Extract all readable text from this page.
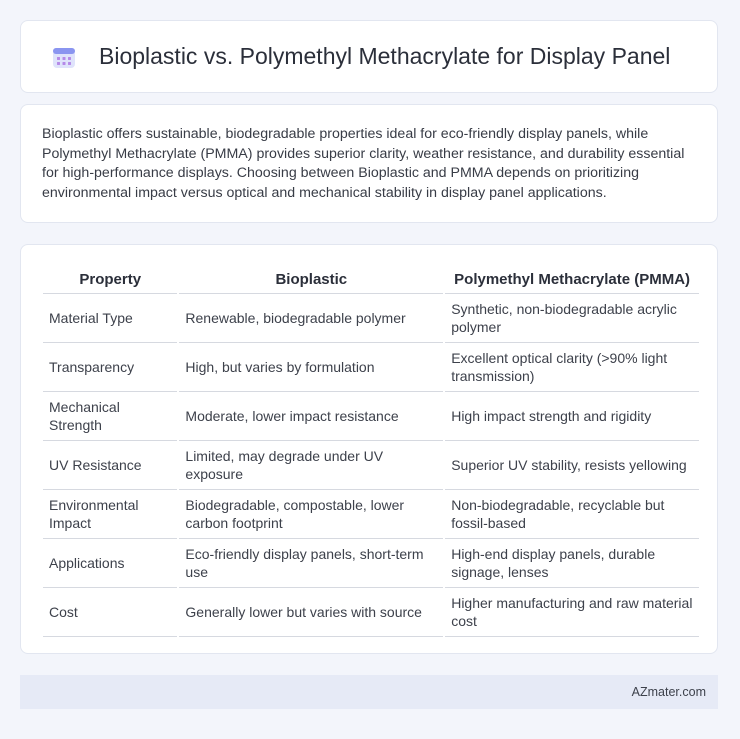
Bioplastic vs. Polymethyl Methacrylate for Display Panel

Bioplastic offers sustainable, biodegradable properties ideal for eco-friendly display panels, while Polymethyl Methacrylate (PMMA) provides superior clarity, weather resistance, and durability essential for high-performance displays. Choosing between Bioplastic and PMMA depends on prioritizing environmental impact versus optical and mechanical stability in display panel applications.

Property	Bioplastic	Polymethyl Methacrylate (PMMA)
Material Type	Renewable, biodegradable polymer	Synthetic, non-biodegradable acrylic polymer
Transparency	High, but varies by formulation	Excellent optical clarity (>90% light transmission)
Mechanical Strength	Moderate, lower impact resistance	High impact strength and rigidity
UV Resistance	Limited, may degrade under UV exposure	Superior UV stability, resists yellowing
Environmental Impact	Biodegradable, compostable, lower carbon footprint	Non-biodegradable, recyclable but fossil-based
Applications	Eco-friendly display panels, short-term use	High-end display panels, durable signage, lenses
Cost	Generally lower but varies with source	Higher manufacturing and raw material cost
AZmater.com
